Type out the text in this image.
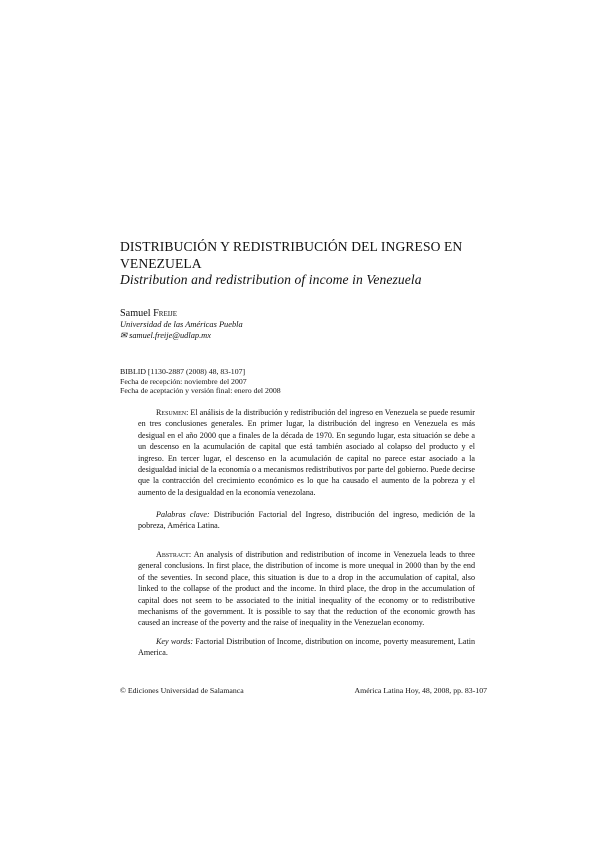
DISTRIBUCIÓN Y REDISTRIBUCIÓN DEL INGRESO EN VENEZUELA
Distribution and redistribution of income in Venezuela
Samuel Freije
Universidad de las Américas Puebla
✉ samuel.freije@udlap.mx
BIBLID [1130-2887 (2008) 48, 83-107]
Fecha de recepción: noviembre del 2007
Fecha de aceptación y versión final: enero del 2008
Resumen: El análisis de la distribución y redistribución del ingreso en Venezuela se puede resumir en tres conclusiones generales. En primer lugar, la distribución del ingreso en Venezuela es más desigual en el año 2000 que a finales de la década de 1970. En segundo lugar, esta situación se debe a un descenso en la acumulación de capital que está también asociado al colapso del producto y el ingreso. En tercer lugar, el descenso en la acumulación de capital no parece estar asociado a la desigualdad inicial de la economía o a mecanismos redistributivos por parte del gobierno. Puede decirse que la contracción del crecimiento económico es lo que ha causado el aumento de la pobreza y el aumento de la desigualdad en la economía venezolana.
Palabras clave: Distribución Factorial del Ingreso, distribución del ingreso, medición de la pobreza, América Latina.
Abstract: An analysis of distribution and redistribution of income in Venezuela leads to three general conclusions. In first place, the distribution of income is more unequal in 2000 than by the end of the seventies. In second place, this situation is due to a drop in the accumulation of capital, also linked to the collapse of the product and the income. In third place, the drop in the accumulation of capital does not seem to be associated to the initial inequality of the economy or to redistributive mechanisms of the government. It is possible to say that the reduction of the economic growth has caused an increase of the poverty and the raise of inequality in the Venezuelan economy.
Key words: Factorial Distribution of Income, distribution on income, poverty measurement, Latin America.
© Ediciones Universidad de Salamanca	América Latina Hoy, 48, 2008, pp. 83-107
